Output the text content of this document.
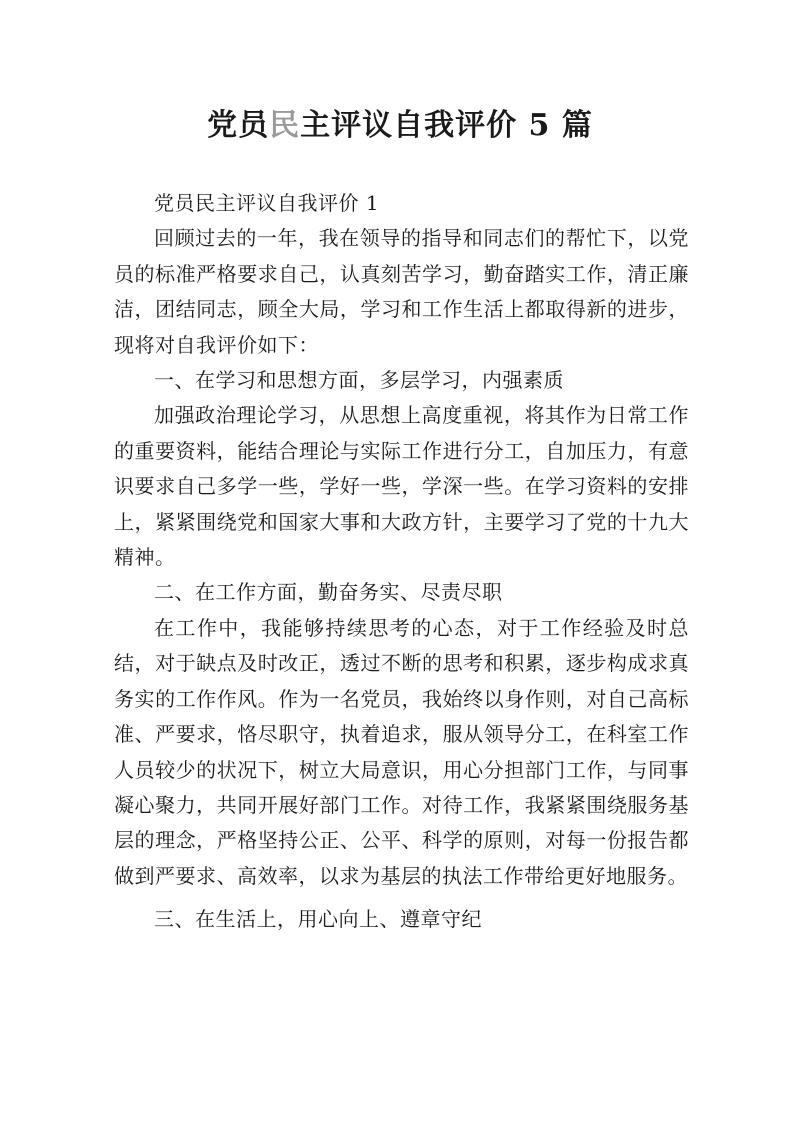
党员民主评议自我评价 5 篇

党员民主评议自我评价 1

回顾过去的一年，我在领导的指导和同志们的帮忙下，以党员的标准严格要求自己，认真刻苦学习，勤奋踏实工作，清正廉洁，团结同志，顾全大局，学习和工作生活上都取得新的进步，现将对自我评价如下：

一、在学习和思想方面，多层学习，内强素质

加强政治理论学习，从思想上高度重视，将其作为日常工作的重要资料，能结合理论与实际工作进行分工，自加压力，有意识要求自己多学一些，学好一些，学深一些。在学习资料的安排上，紧紧围绕党和国家大事和大政方针，主要学习了党的十九大精神。

二、在工作方面，勤奋务实、尽责尽职

在工作中，我能够持续思考的心态，对于工作经验及时总结，对于缺点及时改正，透过不断的思考和积累，逐步构成求真务实的工作作风。作为一名党员，我始终以身作则，对自己高标准、严要求，恪尽职守，执着追求，服从领导分工，在科室工作人员较少的状况下，树立大局意识，用心分担部门工作，与同事凝心聚力，共同开展好部门工作。对待工作，我紧紧围绕服务基层的理念，严格坚持公正、公平、科学的原则，对每一份报告都做到严要求、高效率，以求为基层的执法工作带给更好地服务。

三、在生活上，用心向上、遵章守纪
